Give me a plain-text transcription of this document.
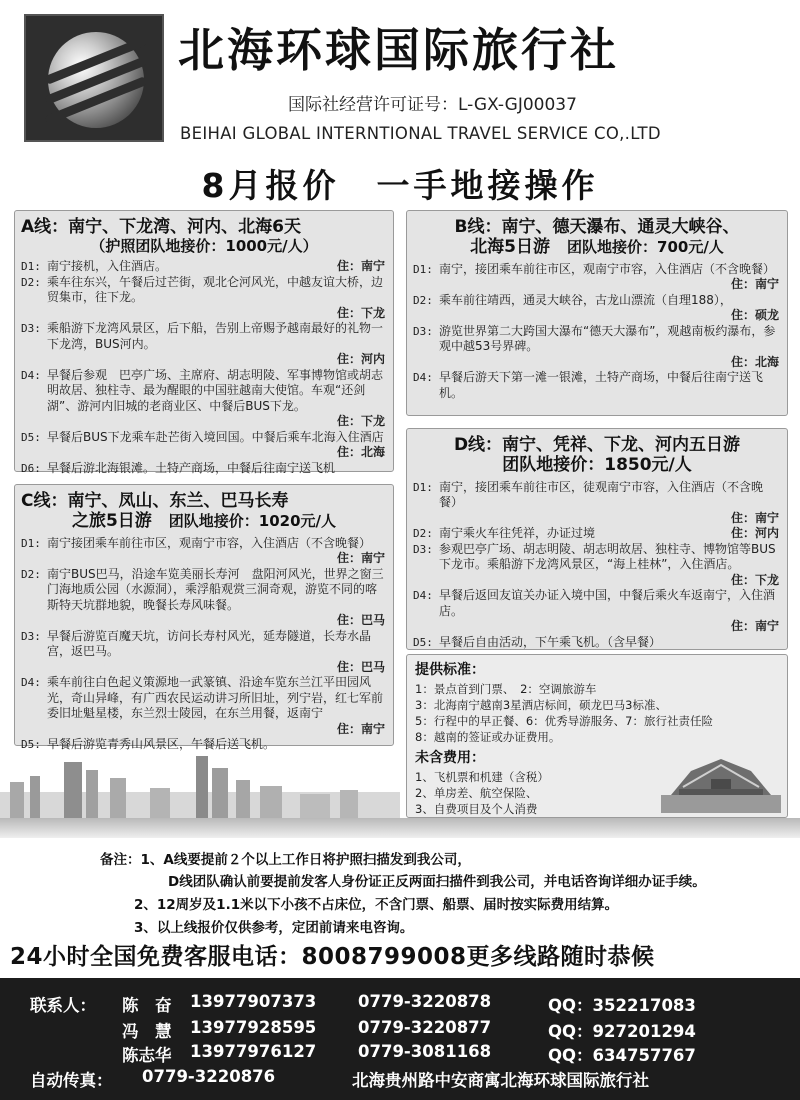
北海环球国际旅行社
国际社经营许可证号：L-GX-GJ00037
BEIHAI GLOBAL INTERNTIONAL TRAVEL SERVICE CO,.LTD
8月报价　一手地接操作
A线：南宁、下龙湾、河内、北海6天
（护照团队地接价：1000元/人）
D1: 南宁接机，入住酒店。	住：南宁
D2: 乘车往东兴，午餐后过芒街，观北仑河风光，中越友谊大桥，边贸集市，往下龙。
住：下龙
D3: 乘船游下龙湾风景区，后下船，告别上帝赐予越南最好的礼物一下龙湾，BUS河内。
住：河内
D4: 早餐后参观　巴亭广场、主席府、胡志明陵、军事博物馆或胡志明故居、独柱寺、最为醒眼的中国驻越南大使馆。车观“还剑湖”、游河内旧城的老商业区、中餐后BUS下龙。
住：下龙
D5: 早餐后BUS下龙乘车赴芒街入境回国。中餐后乘车北海入住酒店
住：北海
D6: 早餐后游北海银滩。土特产商场，中餐后往南宁送飞机
B线：南宁、德天瀑布、通灵大峡谷、
北海5日游　 团队地接价：700元/人
D1: 南宁，接团乘车前往市区，观南宁市容，入住酒店（不含晚餐）
住：南宁
D2: 乘车前往靖西，通灵大峡谷，古龙山漂流（自理188），
住：硕龙
D3: 游览世界第二大跨国大瀑布“德天大瀑布”，观越南板约瀑布，参观中越53号界碑。
住：北海
D4: 早餐后游天下第一滩一银滩，土特产商场，中餐后往南宁送飞机。
C线：南宁、凤山、东兰、巴马长寿
之旅5日游　 团队地接价：1020元/人
D1: 南宁接团乘车前往市区，观南宁市容，入住酒店（不含晚餐）
住：南宁
D2: 南宁BUS巴马，沿途车览美丽长寿河　盘阳河风光，世界之窗三门海地质公园（水源洞），乘浮船观赏三洞奇观，游览不同的喀斯特天坑群地貌，晚餐长寿风味餐。
住：巴马
D3: 早餐后游览百魔天坑，访问长寿村风光，延寿隧道，长寿水晶宫，返巴马。
住：巴马
D4: 乘车前往白色起义策源地一武篆镇、沿途车览东兰江平田园风光，奇山异峰，有广西农民运动讲习所旧址，列宁岩，红七军前委旧址魁星楼，东兰烈士陵园，在东兰用餐，返南宁
住：南宁
D5: 早餐后游览青秀山风景区，午餐后送飞机。
D线：南宁、凭祥、下龙、河内五日游
团队地接价：1850元/人
D1: 南宁，接团乘车前往市区，徒观南宁市容，入住酒店（不含晚餐）
住：南宁
D2: 南宁乘火车往凭祥，办证过境	住：河内
D3: 参观巴亭广场、胡志明陵、胡志明故居、独柱寺、博物馆等BUS下龙市。乘船游下龙湾风景区，“海上桂林”，入住酒店。
住：下龙
D4: 早餐后返回友谊关办证入境中国，中餐后乘火车返南宁，入住酒店。
住：南宁
D5: 早餐后自由活动，下午乘飞机。（含早餐）
提供标准：
1：景点首到门票、　2：空调旅游车
3：北海南宁越南3星酒店标间，硕龙巴马3标准、
5：行程中的早正餐、6：优秀导游服务、7：旅行社责任险
8：越南的签证或办证费用。
未含费用：
1、飞机票和机建（含税）
2、单房差、航空保险、
3、自费项目及个人消费
备注：1、A线要提前２个以上工作日将护照扫描发到我公司，
D线团队确认前要提前发客人身份证正反两面扫描件到我公司，并电话咨询详细办证手续。
2、12周岁及1.1米以下小孩不占床位，不含门票、船票、届时按实际费用结算。
3、以上线报价仅供参考，定团前请来电咨询。
24小时全国免费客服电话：8008799008更多线路随时恭候
联系人： 陈　奋 13977907373	0779-3220878	QQ：352217083
冯　慧 13977928595	0779-3220877	QQ：927201294
陈志华 13977976127	0779-3081168	QQ：634757767
自动传真： 0779-3220876	北海贵州路中安商寓北海环球国际旅行社
